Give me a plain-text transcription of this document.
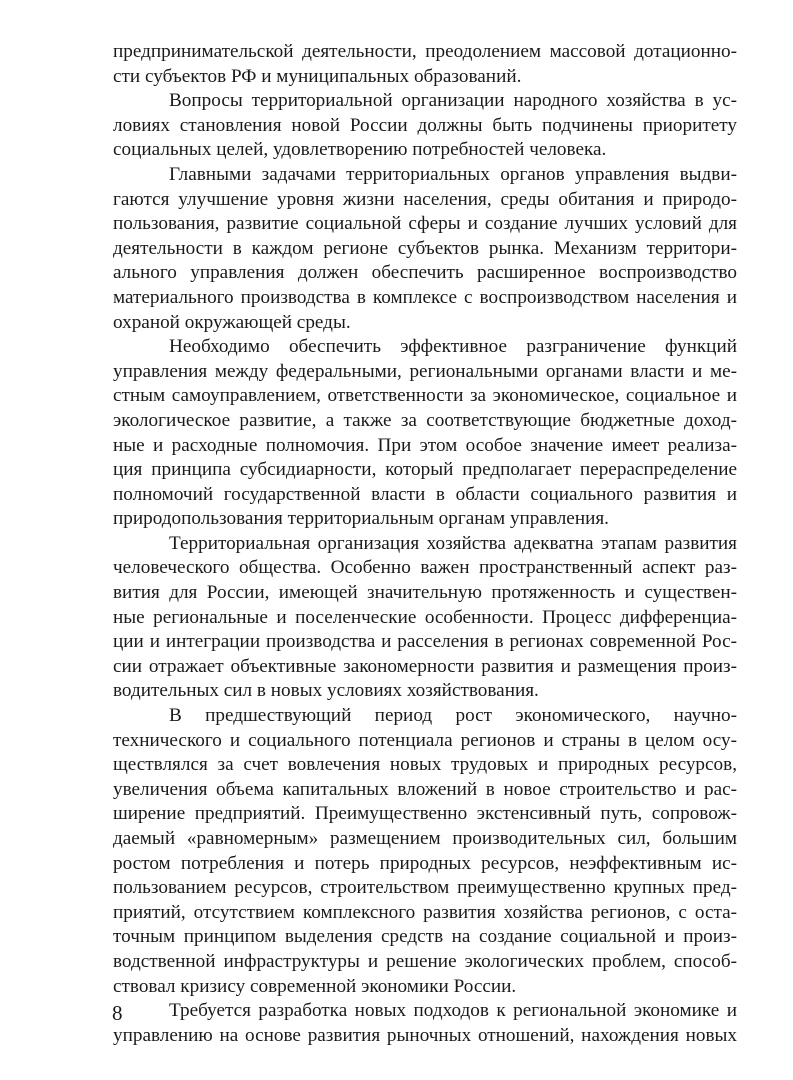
предпринимательской деятельности, преодолением массовой дотационно-
сти субъектов РФ и муниципальных образований.

Вопросы территориальной организации народного хозяйства в ус-
ловиях становления новой России должны быть подчинены приоритету
социальных целей, удовлетворению потребностей человека.

Главными задачами территориальных органов управления выдви-
гаются улучшение уровня жизни населения, среды обитания и природо-
пользования, развитие социальной сферы и создание лучших условий для
деятельности в каждом регионе субъектов рынка. Механизм территори-
ального управления должен обеспечить расширенное воспроизводство
материального производства в комплексе с воспроизводством населения и
охраной окружающей среды.

Необходимо обеспечить эффективное разграничение функций
управления между федеральными, региональными органами власти и ме-
стным самоуправлением, ответственности за экономическое, социальное и
экологическое развитие, а также за соответствующие бюджетные доход-
ные и расходные полномочия. При этом особое значение имеет реализа-
ция принципа субсидиарности, который предполагает перераспределение
полномочий государственной власти в области социального развития и
природопользования территориальным органам управления.

Территориальная организация хозяйства адекватна этапам развития
человеческого общества. Особенно важен пространственный аспект раз-
вития для России, имеющей значительную протяженность и существен-
ные региональные и поселенческие особенности. Процесс дифференциа-
ции и интеграции производства и расселения в регионах современной Рос-
сии отражает объективные закономерности развития и размещения произ-
водительных сил в новых условиях хозяйствования.

В предшествующий период рост экономического, научно-
технического и социального потенциала регионов и страны в целом осу-
ществлялся за счет вовлечения новых трудовых и природных ресурсов,
увеличения объема капитальных вложений в новое строительство и рас-
ширение предприятий. Преимущественно экстенсивный путь, сопровож-
даемый «равномерным» размещением производительных сил, большим
ростом потребления и потерь природных ресурсов, неэффективным ис-
пользованием ресурсов, строительством преимущественно крупных пред-
приятий, отсутствием комплексного развития хозяйства регионов, с оста-
точным принципом выделения средств на создание социальной и произ-
водственной инфраструктуры и решение экологических проблем, способ-
ствовал кризису современной экономики России.

Требуется разработка новых подходов к региональной экономике и
управлению на основе развития рыночных отношений, нахождения новых

8
